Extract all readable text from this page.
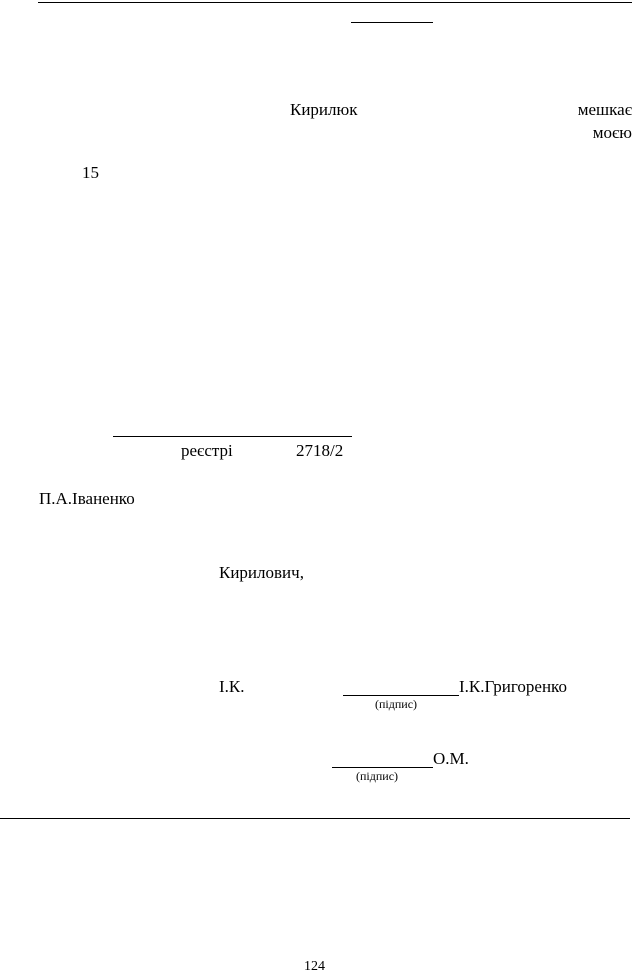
Кирилюк	мешкає
моєю
15
реєстрі	2718/2
П.А.Іваненко
Кирилович,
І.К.	І.К.Григоренко
(підпис)
О.М.
(підпис)
124
